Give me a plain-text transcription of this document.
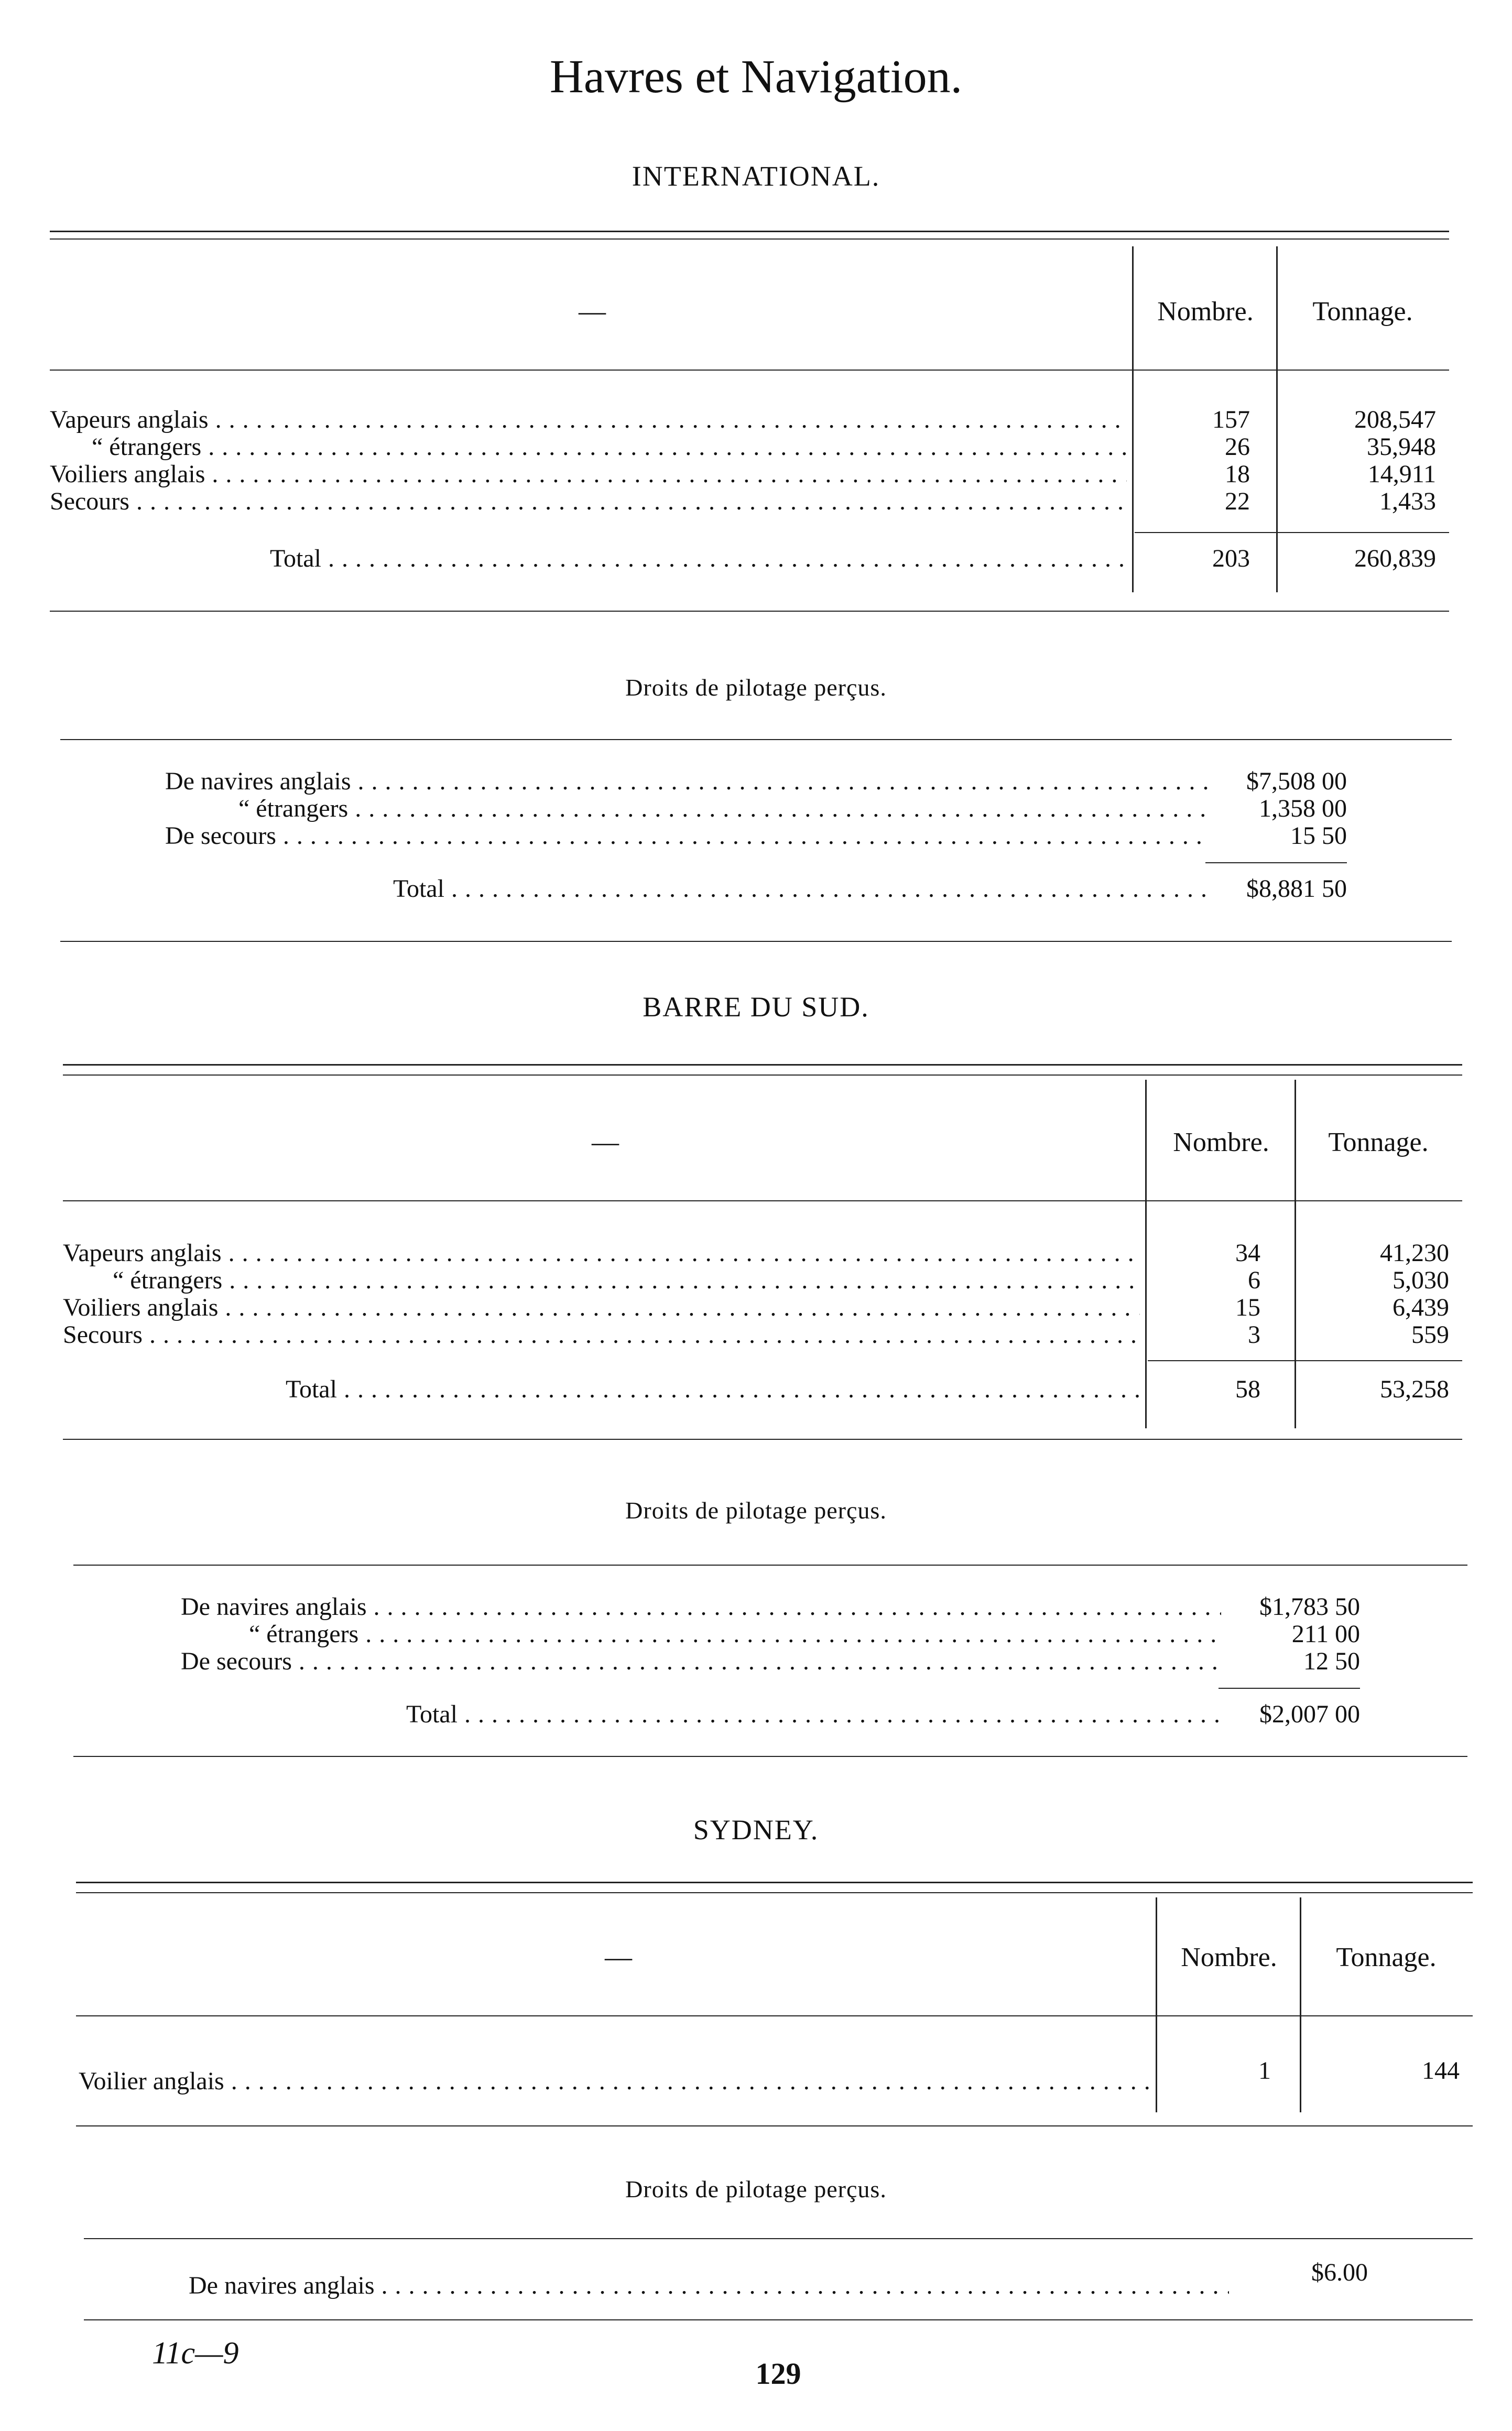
Havres et Navigation.
INTERNATIONAL.
—	Nombre.	Tonnage.
Vapeurs anglais . . .	157	208,547
“ étrangers . . .	26	35,948
Voiliers anglais . . .	18	14,911
Secours . . .	22	1,433
Total . . .	203	260,839
Droits de pilotage perçus.
De navires anglais . . .	$7,508 00
“ étrangers . . .	1,358 00
De secours . . .	15 50
Total . . .	$8,881 50
BARRE DU SUD.
—	Nombre.	Tonnage.
Vapeurs anglais . . .	34	41,230
“ étrangers . . .	6	5,030
Voiliers anglais . . .	15	6,439
Secours . . .	3	559
Total . . .	58	53,258
Droits de pilotage perçus.
De navires anglais . . .	$1,783 50
“ étrangers . . .	211 00
De secours . . .	12 50
Total . . .	$2,007 00
SYDNEY.
—	Nombre.	Tonnage.
Voilier anglais . . .	1	144
Droits de pilotage perçus.
De navires anglais . . .	$6.00
11c—9
129
